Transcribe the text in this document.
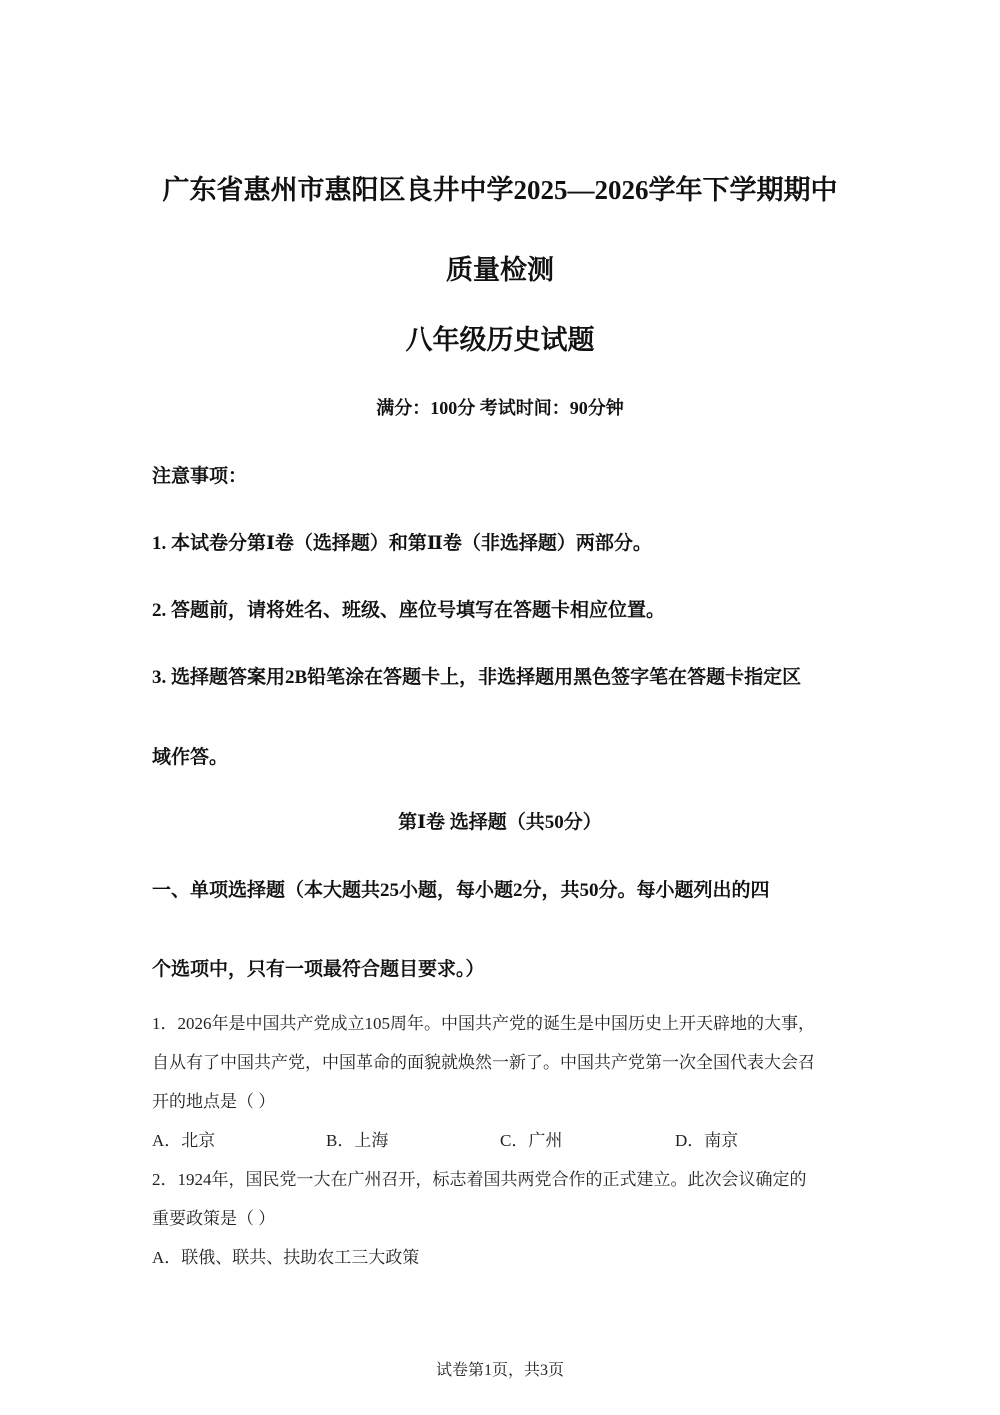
广东省惠州市惠阳区良井中学2025—2026学年下学期期中
质量检测
八年级历史试题
满分：100分 考试时间：90分钟
注意事项：
1. 本试卷分第Ⅰ卷（选择题）和第Ⅱ卷（非选择题）两部分。
2. 答题前，请将姓名、班级、座位号填写在答题卡相应位置。
3. 选择题答案用2B铅笔涂在答题卡上，非选择题用黑色签字笔在答题卡指定区
域作答。
第Ⅰ卷 选择题（共50分）
一、单项选择题（本大题共25小题，每小题2分，共50分。每小题列出的四
个选项中，只有一项最符合题目要求。）
1．2026年是中国共产党成立105周年。中国共产党的诞生是中国历史上开天辟地的大事，
自从有了中国共产党，中国革命的面貌就焕然一新了。中国共产党第一次全国代表大会召
开的地点是（ ）
A．北京	B．上海	C．广州	D．南京
2．1924年，国民党一大在广州召开，标志着国共两党合作的正式建立。此次会议确定的
重要政策是（ ）
A．联俄、联共、扶助农工三大政策
试卷第1页，共3页
